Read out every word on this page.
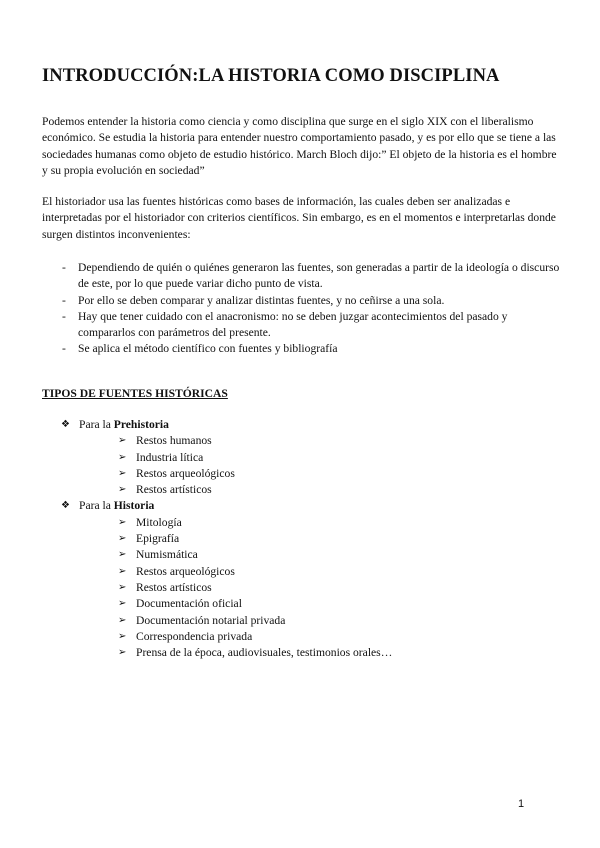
INTRODUCCIÓN:LA HISTORIA COMO DISCIPLINA

Podemos entender la historia como ciencia y como disciplina que surge en el siglo XIX con el liberalismo económico. Se estudia la historia para entender nuestro comportamiento pasado, y es por ello que se tiene a las sociedades humanas como objeto de estudio histórico. March Bloch dijo:” El objeto de la historia es el hombre y su propia evolución en sociedad”

El historiador usa las fuentes históricas como bases de información, las cuales deben ser analizadas e interpretadas por el historiador con criterios científicos. Sin embargo, es en el momentos e interpretarlas donde surgen distintos inconvenientes:

- Dependiendo de quién o quiénes generaron las fuentes, son generadas a partir de la ideología o discurso de este, por lo que puede variar dicho punto de vista.
- Por ello se deben comparar y analizar distintas fuentes, y no ceñirse a una sola.
- Hay que tener cuidado con el anacronismo: no se deben juzgar acontecimientos del pasado y compararlos con parámetros del presente.
- Se aplica el método científico con fuentes y bibliografía
TIPOS DE FUENTES HISTÓRICAS
❖ Para la Prehistoria
➢ Restos humanos
➢ Industria lítica
➢ Restos arqueológicos
➢ Restos artísticos
❖ Para la Historia
➢ Mitología
➢ Epigrafía
➢ Numismática
➢ Restos arqueológicos
➢ Restos artísticos
➢ Documentación oficial
➢ Documentación notarial privada
➢ Correspondencia privada
➢ Prensa de la época, audiovisuales, testimonios orales…
1
